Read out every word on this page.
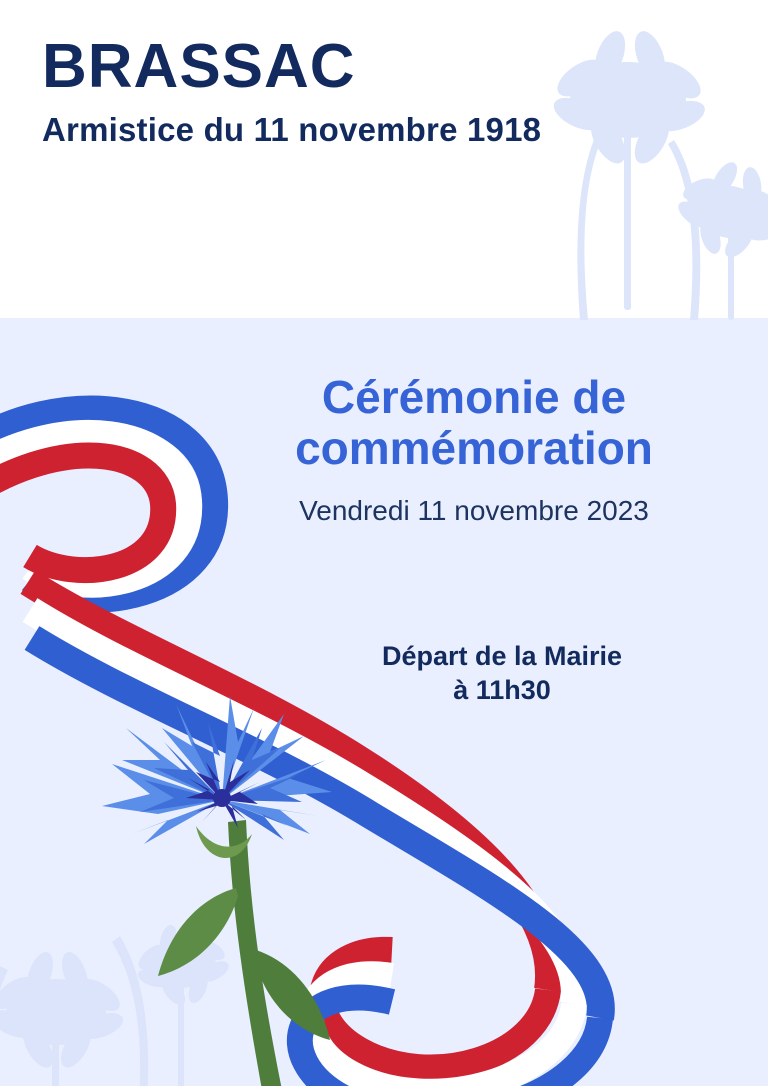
BRASSAC
Armistice du 11 novembre 1918
Cérémonie de
commémoration

Vendredi 11 novembre 2023

Départ de la Mairie

à 11h30
